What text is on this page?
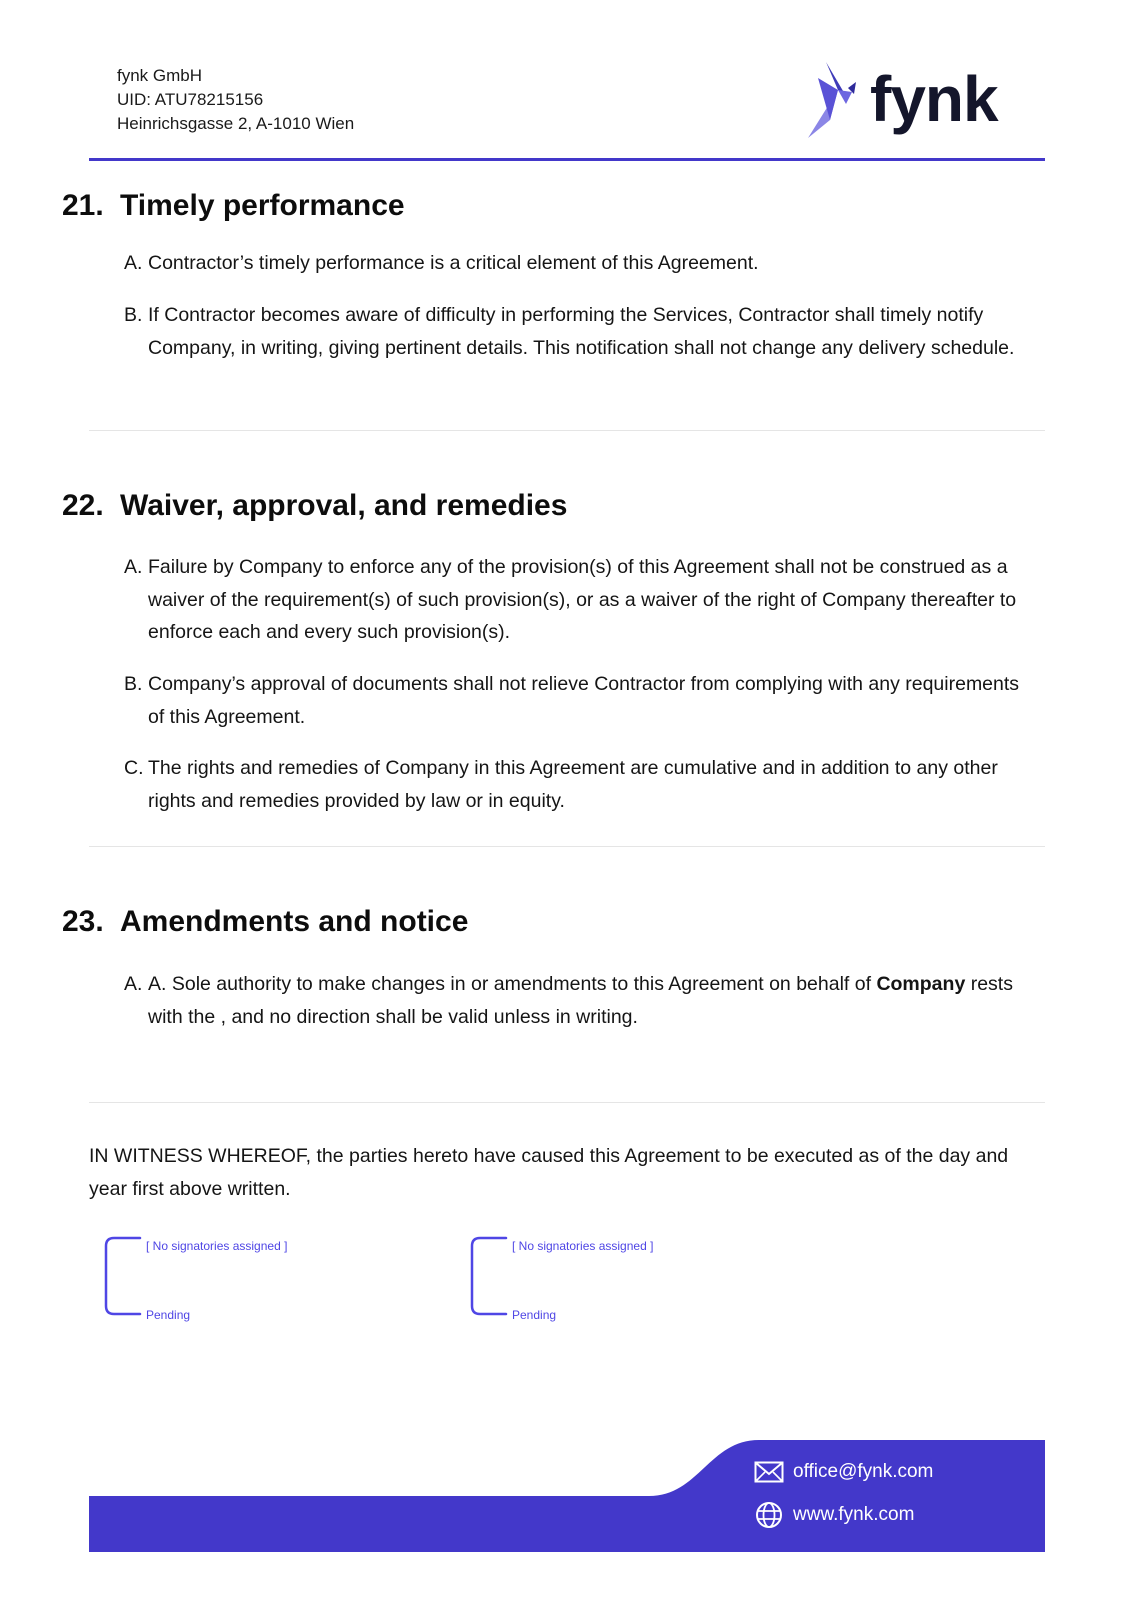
fynk GmbH
UID: ATU78215156
Heinrichsgasse 2, A-1010 Wien	fynk
21. Timely performance
A. Contractor’s timely performance is a critical element of this Agreement.
B. If Contractor becomes aware of difficulty in performing the Services, Contractor shall timely notify Company, in writing, giving pertinent details. This notification shall not change any delivery schedule.
22. Waiver, approval, and remedies
A. Failure by Company to enforce any of the provision(s) of this Agreement shall not be construed as a waiver of the requirement(s) of such provision(s), or as a waiver of the right of Company thereafter to enforce each and every such provision(s).
B. Company’s approval of documents shall not relieve Contractor from complying with any requirements of this Agreement.
C. The rights and remedies of Company in this Agreement are cumulative and in addition to any other rights and remedies provided by law or in equity.
23. Amendments and notice
A. A. Sole authority to make changes in or amendments to this Agreement on behalf of Company rests with the , and no direction shall be valid unless in writing.
IN WITNESS WHEREOF, the parties hereto have caused this Agreement to be executed as of the day and year first above written.
[ No signatories assigned ]
Pending
[ No signatories assigned ]
Pending
office@fynk.com
www.fynk.com
